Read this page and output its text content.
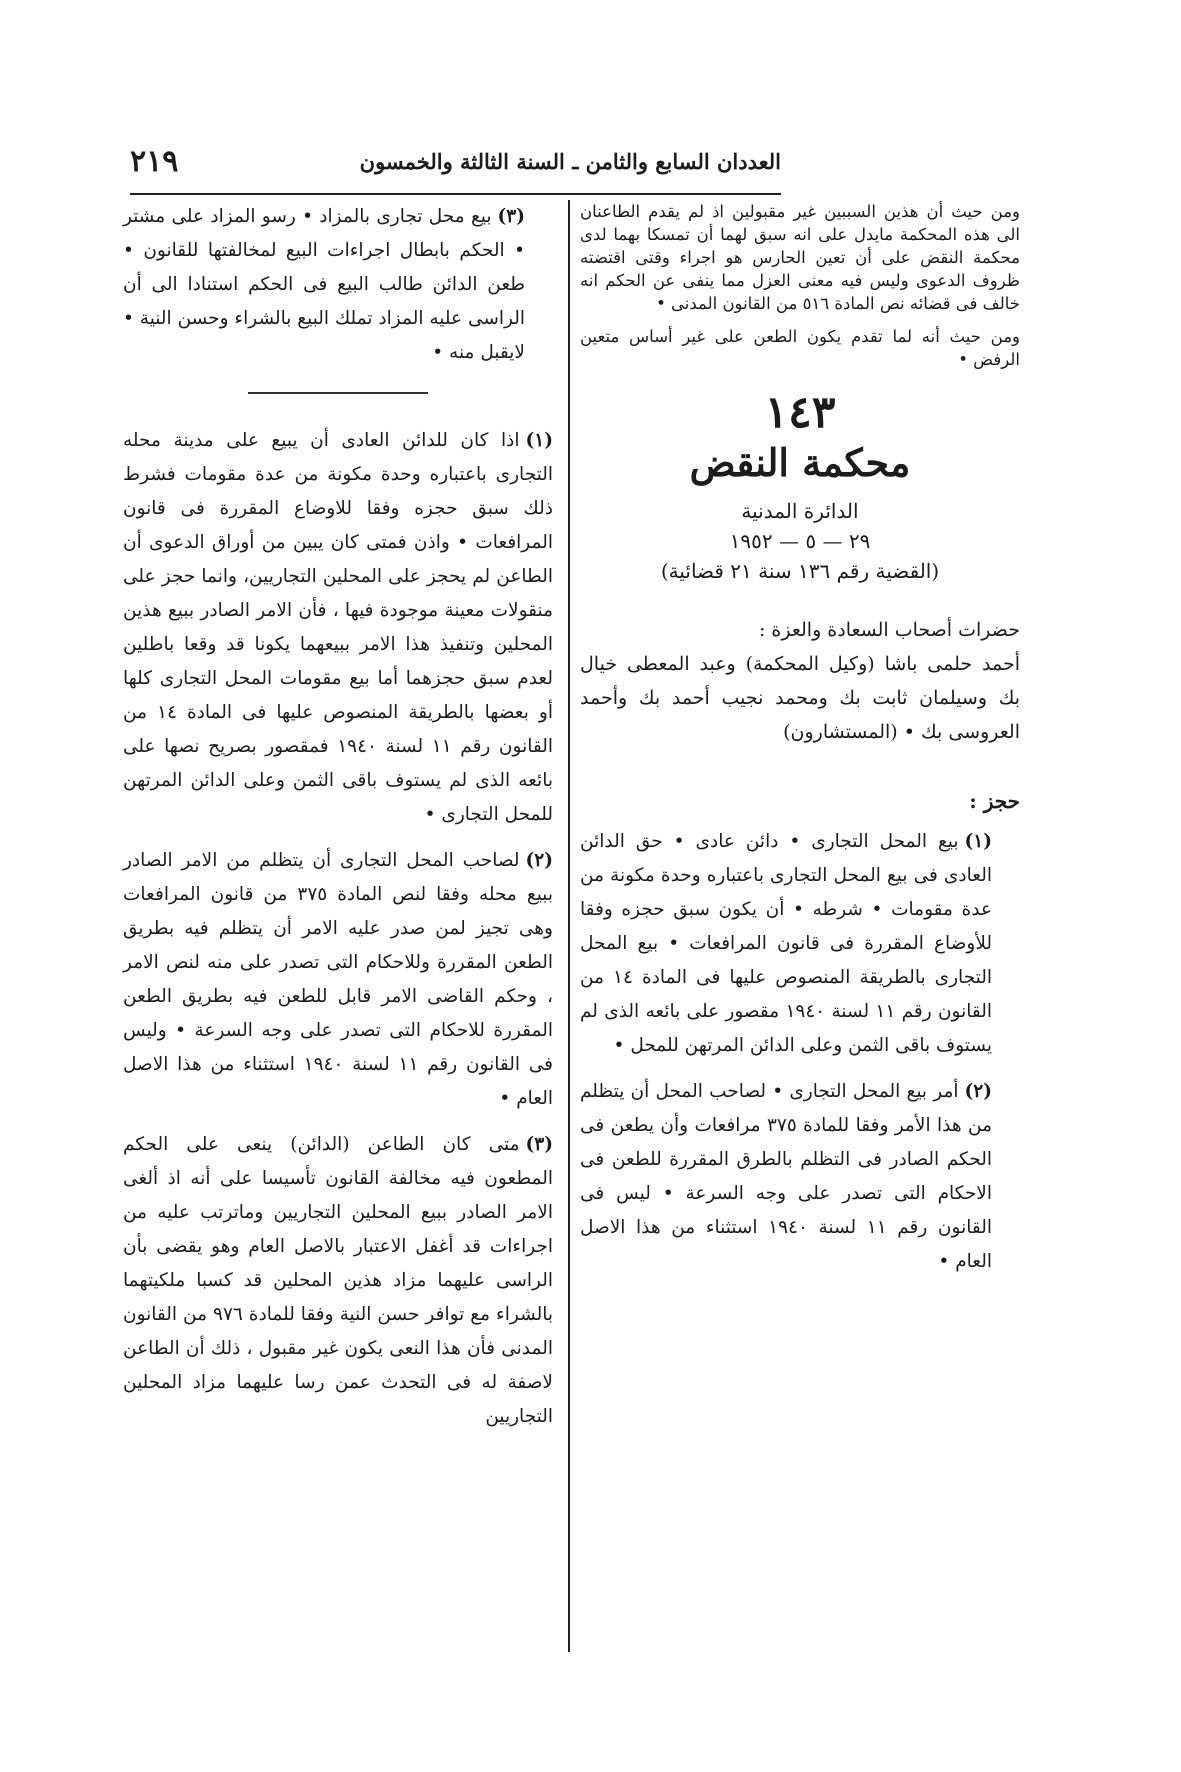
العددان السابع والثامن ـ السنة الثالثة والخمسون
٢١٩

ومن حيث أن هذين السببين غير مقبولين اذ لم يقدم الطاعنان الى هذه المحكمة مايدل على انه سبق لهما أن تمسكا بهما لدى محكمة النقض على أن تعين الحارس هو اجراء وقتى اقتضته ظروف الدعوى وليس فيه معنى العزل مما ينفى عن الحكم انه خالف فى قضائه نص المادة ٥١٦ من القانون المدنى •

ومن حيث أنه لما تقدم يكون الطعن على غير أساس متعين الرفض •

١٤٣
محكمة النقض
الدائرة المدنية
٢٩ — ٥ — ١٩٥٢
(القضية رقم ١٣٦ سنة ٢١ قضائية)

حضرات أصحاب السعادة والعزة :

أحمد حلمى باشا (وكيل المحكمة) وعبد المعطى خيال بك وسيلمان ثابت بك ومحمد نجيب أحمد بك وأحمد العروسى بك • (المستشارون)

حجز :

(١)بيع المحل التجارى • دائن عادى • حق الدائن العادى فى بيع المحل التجارى باعتباره وحدة مكونة من عدة مقومات • شرطه • أن يكون سبق حجزه وفقا للأوضاع المقررة فى قانون المرافعات • بيع المحل التجارى بالطريقة المنصوص عليها فى المادة ١٤ من القانون رقم ١١ لسنة ١٩٤٠ مقصور على بائعه الذى لم يستوف باقى الثمن وعلى الدائن المرتهن للمحل •

(٢)أمر بيع المحل التجارى • لصاحب المحل أن يتظلم من هذا الأمر وفقا للمادة ٣٧٥ مرافعات وأن يطعن فى الحكم الصادر فى التظلم بالطرق المقررة للطعن فى الاحكام التى تصدر على وجه السرعة • ليس فى القانون رقم ١١ لسنة ١٩٤٠ استثناء من هذا الاصل العام •

(٣)بيع محل تجارى بالمزاد • رسو المزاد على مشتر • الحكم بابطال اجراءات البيع لمخالفتها للقانون • طعن الدائن طالب البيع فى الحكم استنادا الى أن الراسى عليه المزاد تملك البيع بالشراء وحسن النية • لايقبل منه •

(١)اذا كان للدائن العادى أن يبيع على مدينة محله التجارى باعتباره وحدة مكونة من عدة مقومات فشرط ذلك سبق حجزه وفقا للاوضاع المقررة فى قانون المرافعات • واذن فمتى كان يبين من أوراق الدعوى أن الطاعن لم يحجز على المحلين التجاريين، وانما حجز على منقولات معينة موجودة فيها ، فأن الامر الصادر ببيع هذين المحلين وتنفيذ هذا الامر ببيعهما يكونا قد وقعا باطلين لعدم سبق حجزهما أما بيع مقومات المحل التجارى كلها أو بعضها بالطريقة المنصوص عليها فى المادة ١٤ من القانون رقم ١١ لسنة ١٩٤٠ فمقصور بصريح نصها على بائعه الذى لم يستوف باقى الثمن وعلى الدائن المرتهن للمحل التجارى •

(٢)لصاحب المحل التجارى أن يتظلم من الامر الصادر ببيع محله وفقا لنص المادة ٣٧٥ من قانون المرافعات وهى تجيز لمن صدر عليه الامر أن يتظلم فيه بطريق الطعن المقررة وللاحكام التى تصدر على منه لنص الامر ، وحكم القاضى الامر قابل للطعن فيه بطريق الطعن المقررة للاحكام التى تصدر على وجه السرعة • وليس فى القانون رقم ١١ لسنة ١٩٤٠ استثناء من هذا الاصل العام •

(٣)متى كان الطاعن (الدائن) ينعى على الحكم المطعون فيه مخالفة القانون تأسيسا على أنه اذ ألغى الامر الصادر ببيع المحلين التجاريين وماترتب عليه من اجراءات قد أغفل الاعتبار بالاصل العام وهو يقضى بأن الراسى عليهما مزاد هذين المحلين قد كسبا ملكيتهما بالشراء مع توافر حسن النية وفقا للمادة ٩٧٦ من القانون المدنى فأن هذا النعى يكون غير مقبول ، ذلك أن الطاعن لاصفة له فى التحدث عمن رسا عليهما مزاد المحلين التجاريين
